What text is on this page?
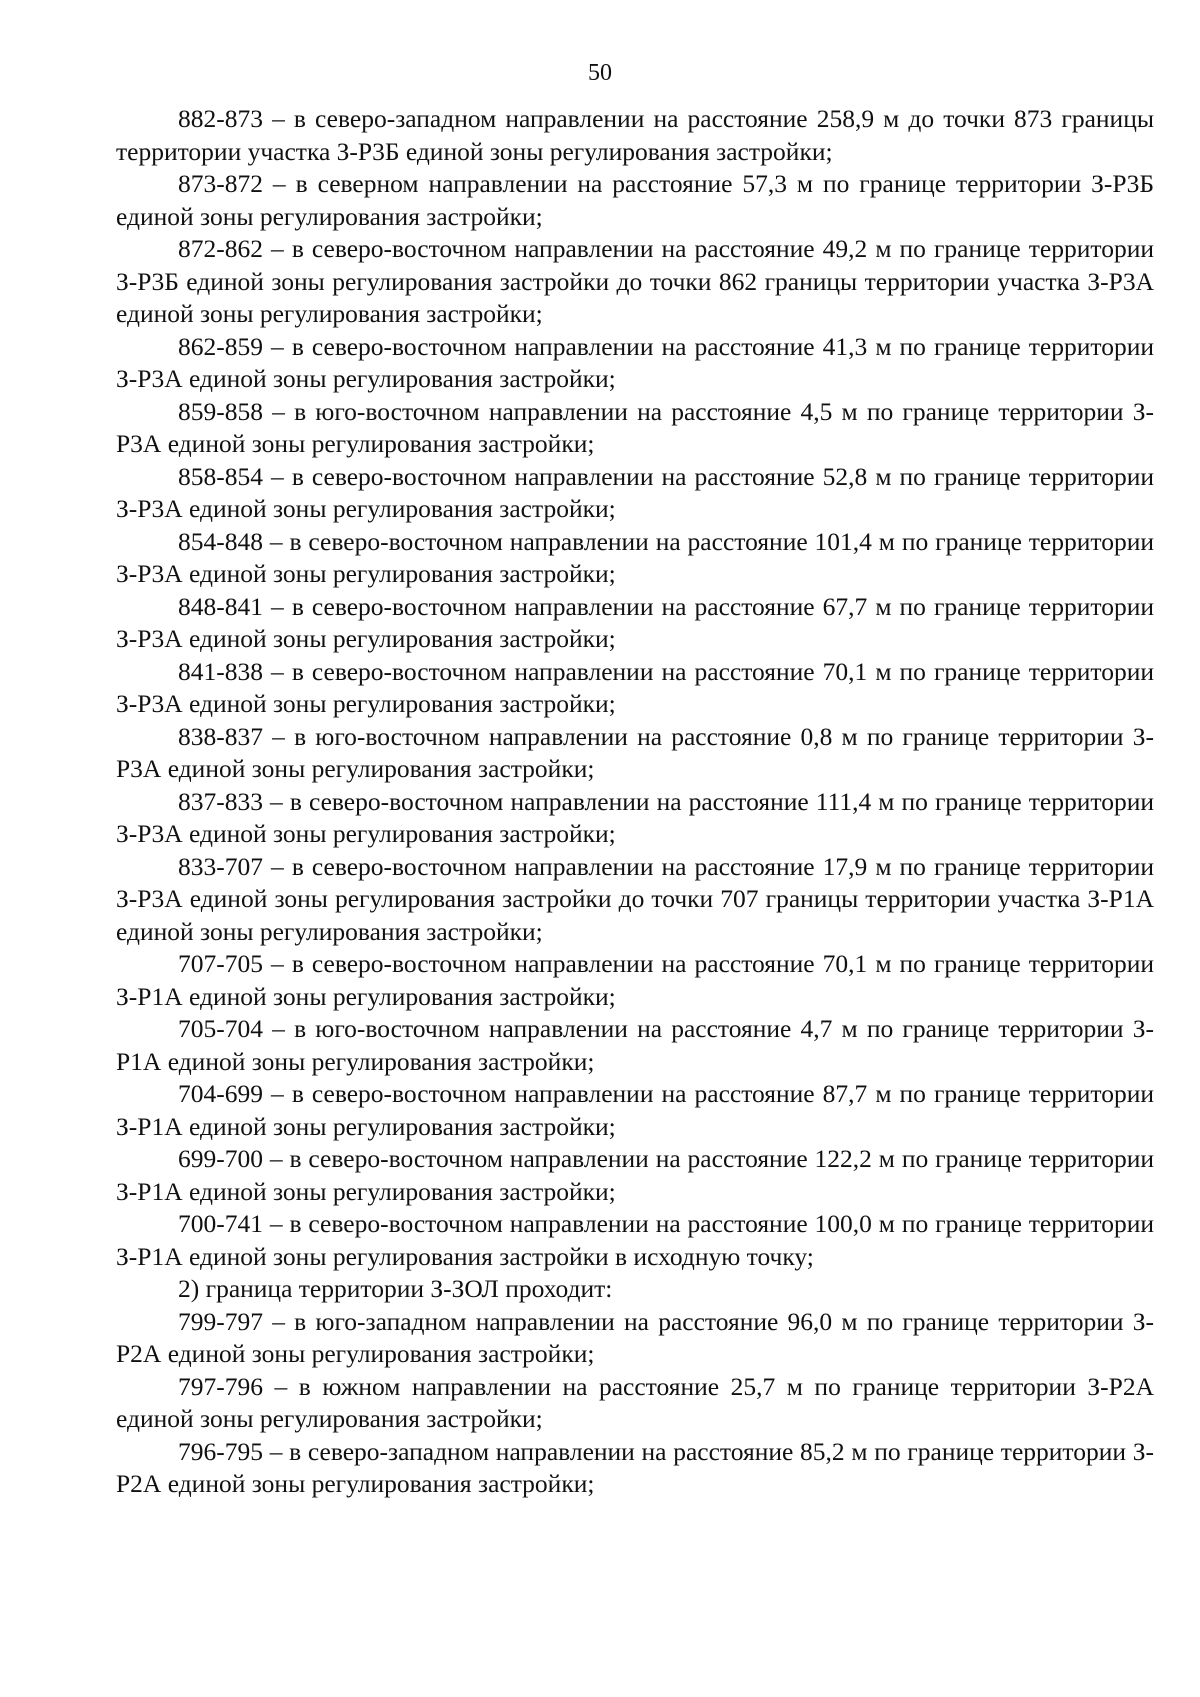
50

882-873 – в северо-западном направлении на расстояние 258,9 м до точки 873 границы территории участка З-Р3Б единой зоны регулирования застройки;

873-872 – в северном направлении на расстояние 57,3 м по границе территории З-Р3Б единой зоны регулирования застройки;

872-862 – в северо-восточном направлении на расстояние 49,2 м по границе территории З-Р3Б единой зоны регулирования застройки до точки 862 границы территории участка З-Р3А единой зоны регулирования застройки;

862-859 – в северо-восточном направлении на расстояние 41,3 м по границе территории З-Р3А единой зоны регулирования застройки;

859-858 – в юго-восточном направлении на расстояние 4,5 м по границе территории З-Р3А единой зоны регулирования застройки;

858-854 – в северо-восточном направлении на расстояние 52,8 м по границе территории З-Р3А единой зоны регулирования застройки;

854-848 – в северо-восточном направлении на расстояние 101,4 м по границе территории З-Р3А единой зоны регулирования застройки;

848-841 – в северо-восточном направлении на расстояние 67,7 м по границе территории З-Р3А единой зоны регулирования застройки;

841-838 – в северо-восточном направлении на расстояние 70,1 м по границе территории З-Р3А единой зоны регулирования застройки;

838-837 – в юго-восточном направлении на расстояние 0,8 м по границе территории З-Р3А единой зоны регулирования застройки;

837-833 – в северо-восточном направлении на расстояние 111,4 м по границе территории З-Р3А единой зоны регулирования застройки;

833-707 – в северо-восточном направлении на расстояние 17,9 м по границе территории З-Р3А единой зоны регулирования застройки до точки 707 границы территории участка З-Р1А единой зоны регулирования застройки;

707-705 – в северо-восточном направлении на расстояние 70,1 м по границе территории З-Р1А единой зоны регулирования застройки;

705-704 – в юго-восточном направлении на расстояние 4,7 м по границе территории З-Р1А единой зоны регулирования застройки;

704-699 – в северо-восточном направлении на расстояние 87,7 м по границе территории З-Р1А единой зоны регулирования застройки;

699-700 – в северо-восточном направлении на расстояние 122,2 м по границе территории З-Р1А единой зоны регулирования застройки;

700-741 – в северо-восточном направлении на расстояние 100,0 м по границе территории З-Р1А единой зоны регулирования застройки в исходную точку;

2) граница территории З-ЗОЛ проходит:

799-797 – в юго-западном направлении на расстояние 96,0 м по границе территории З-Р2А единой зоны регулирования застройки;

797-796 – в южном направлении на расстояние 25,7 м по границе территории З-Р2А единой зоны регулирования застройки;

796-795 – в северо-западном направлении на расстояние 85,2 м по границе территории З-Р2А единой зоны регулирования застройки;
